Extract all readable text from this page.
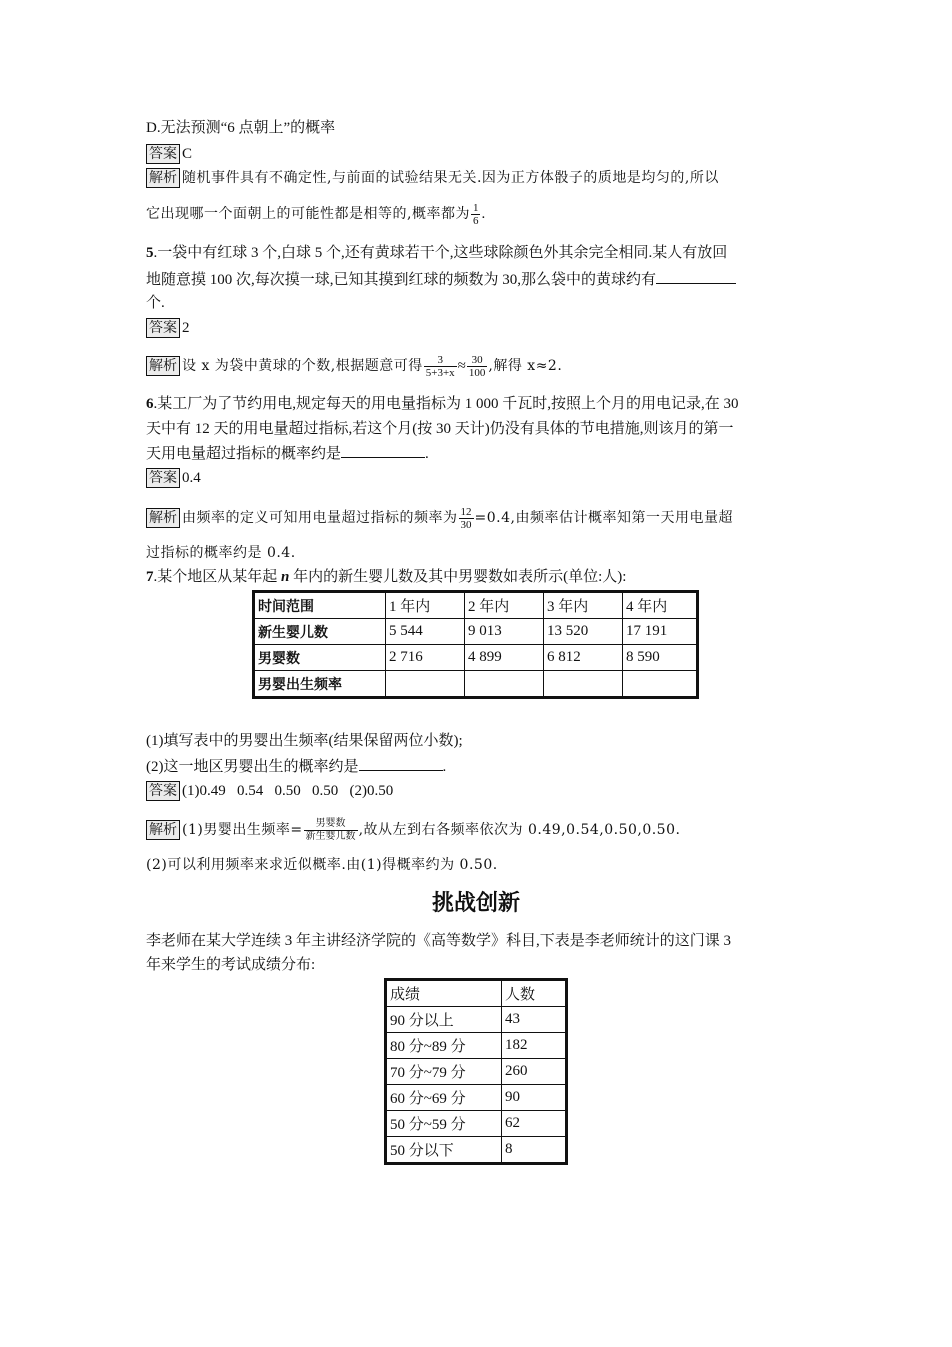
D.无法预测“6 点朝上”的概率
答案 C
解析 随机事件具有不确定性,与前面的试验结果无关.因为正方体骰子的质地是均匀的,所以
它出现哪一个面朝上的可能性都是相等的,概率都为 $\frac{1}{6}$ .
5.一袋中有红球 3 个,白球 5 个,还有黄球若干个,这些球除颜色外其余完全相同.某人有放回
地随意摸 100 次,每次摸一球,已知其摸到红球的频数为 30,那么袋中的黄球约有
个.
答案 2
解析 设 x 为袋中黄球的个数,根据题意可得 $\frac{3}{5+3+x} \approx \frac{30}{100}$ ,解得 x≈2.
6.某工厂为了节约用电,规定每天的用电量指标为 1 000 千瓦时,按照上个月的用电记录,在 30
天中有 12 天的用电量超过指标,若这个月(按 30 天计)仍没有具体的节电措施,则该月的第一
天用电量超过指标的概率约是	.
答案 0.4
解析 由频率的定义可知用电量超过指标的频率为 $\frac{12}{30} =0.4$,由频率估计概率知第一天用电量超
过指标的概率约是 0.4.
7.某个地区从某年起 n 年内的新生婴儿数及其中男婴数如表所示(单位:人):
时间范围	1 年内	2 年内	3 年内	4 年内
新生婴儿数	5 544	9 013	13 520	17 191
男婴数	2 716	4 899	6 812	8 590
男婴出生频率				
(1)填写表中的男婴出生频率(结果保留两位小数);
(2)这一地区男婴出生的概率约是	.
答案 (1)0.49   0.54   0.50   0.50   (2)0.50
解析 (1)男婴出生频率= $\frac{\text{男婴数}}{\text{新生婴儿数}}$ ,故从左到右各频率依次为 0.49,0.54,0.50,0.50.
(2)可以利用频率来求近似概率.由(1)得概率约为 0.50.
挑战创新
李老师在某大学连续 3 年主讲经济学院的《高等数学》科目,下表是李老师统计的这门课 3
年来学生的考试成绩分布:
成绩	人数
90 分以上	43
80 分~89 分	182
70 分~79 分	260
60 分~69 分	90
50 分~59 分	62
50 分以下	8
